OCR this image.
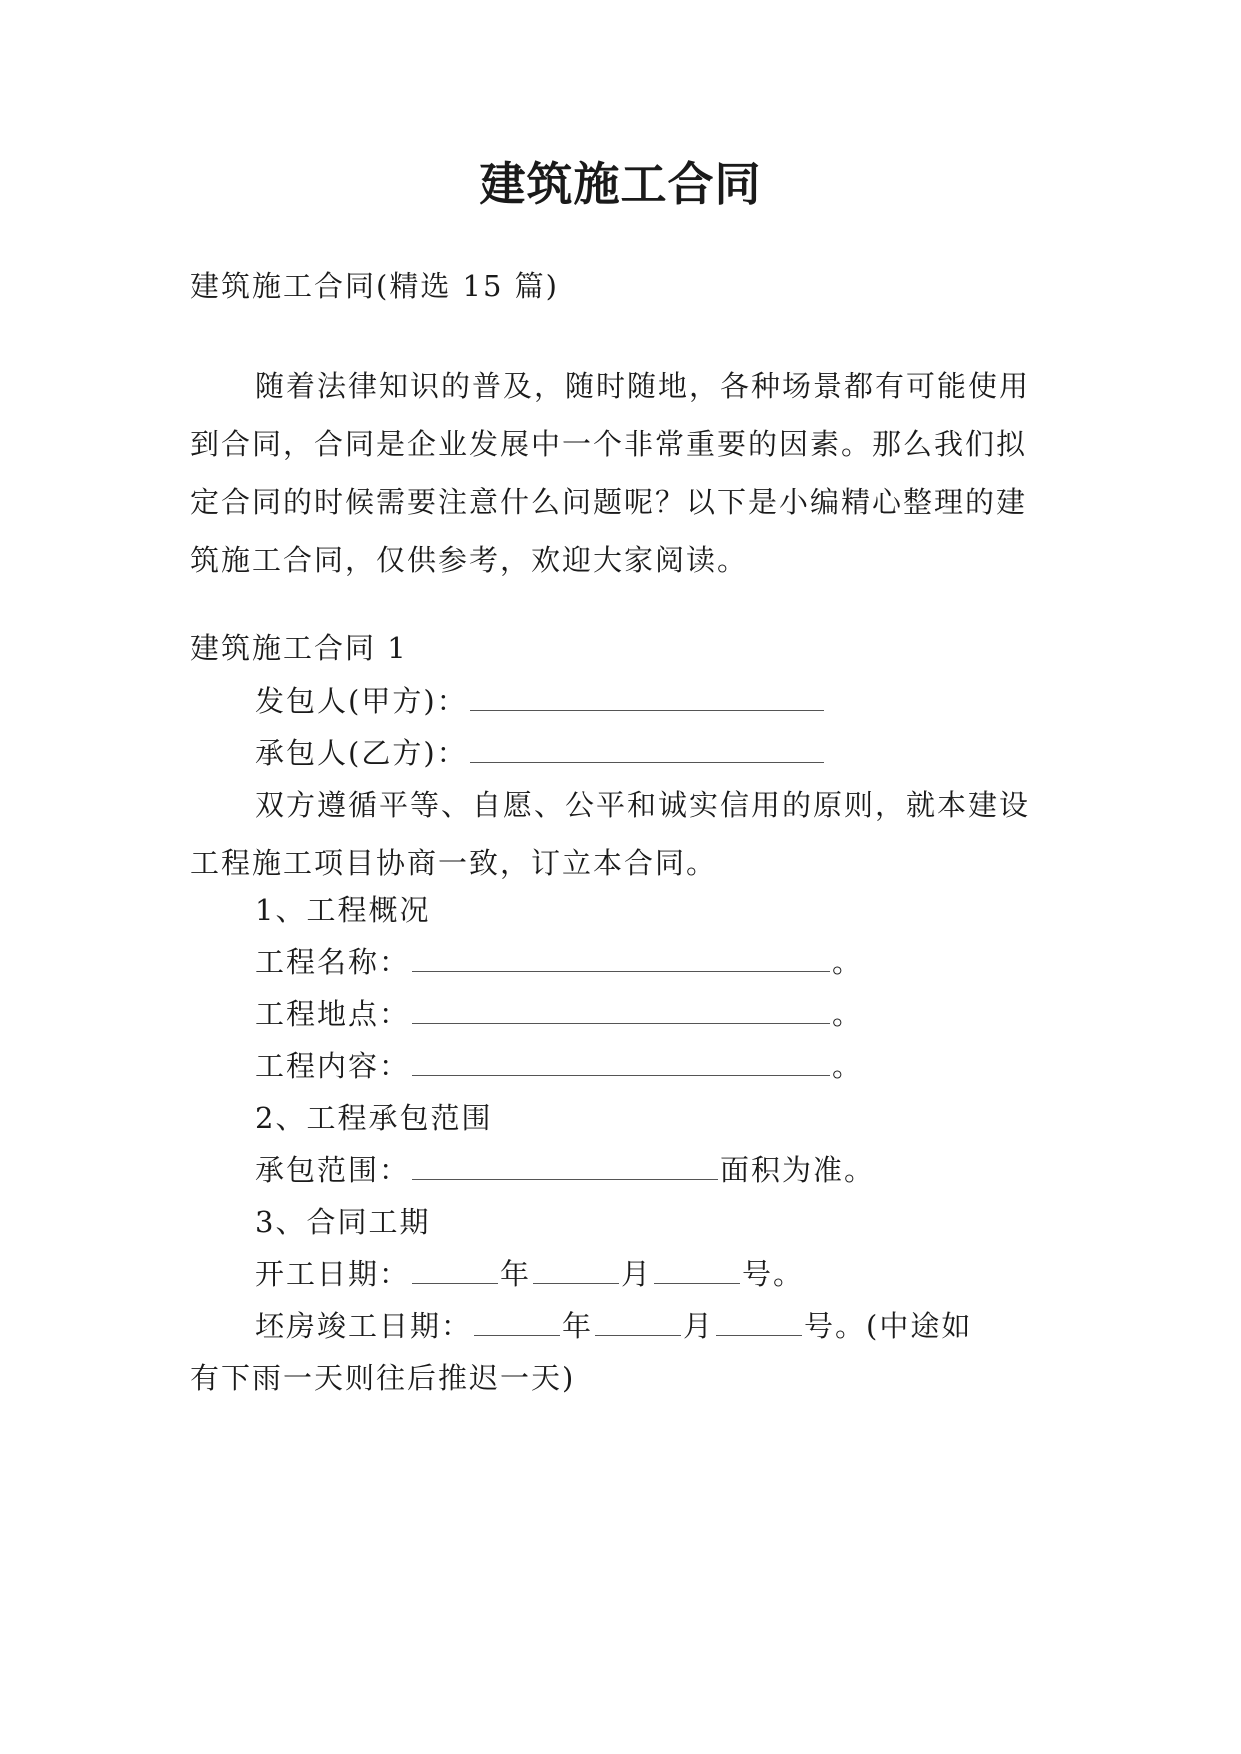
建筑施工合同
建筑施工合同(精选 15 篇)
随着法律知识的普及，随时随地，各种场景都有可能使用到合同，合同是企业发展中一个非常重要的因素。那么我们拟定合同的时候需要注意什么问题呢？以下是小编精心整理的建筑施工合同，仅供参考，欢迎大家阅读。
建筑施工合同 1
发包人(甲方)：
承包人(乙方)：
双方遵循平等、自愿、公平和诚实信用的原则，就本建设工程施工项目协商一致，订立本合同。
1、工程概况
工程名称：	。
工程地点：	。
工程内容：	。
2、工程承包范围
承包范围：	面积为准。
3、合同工期
开工日期：	年	月	号。
坯房竣工日期：	年	月	号。(中途如
有下雨一天则往后推迟一天)
